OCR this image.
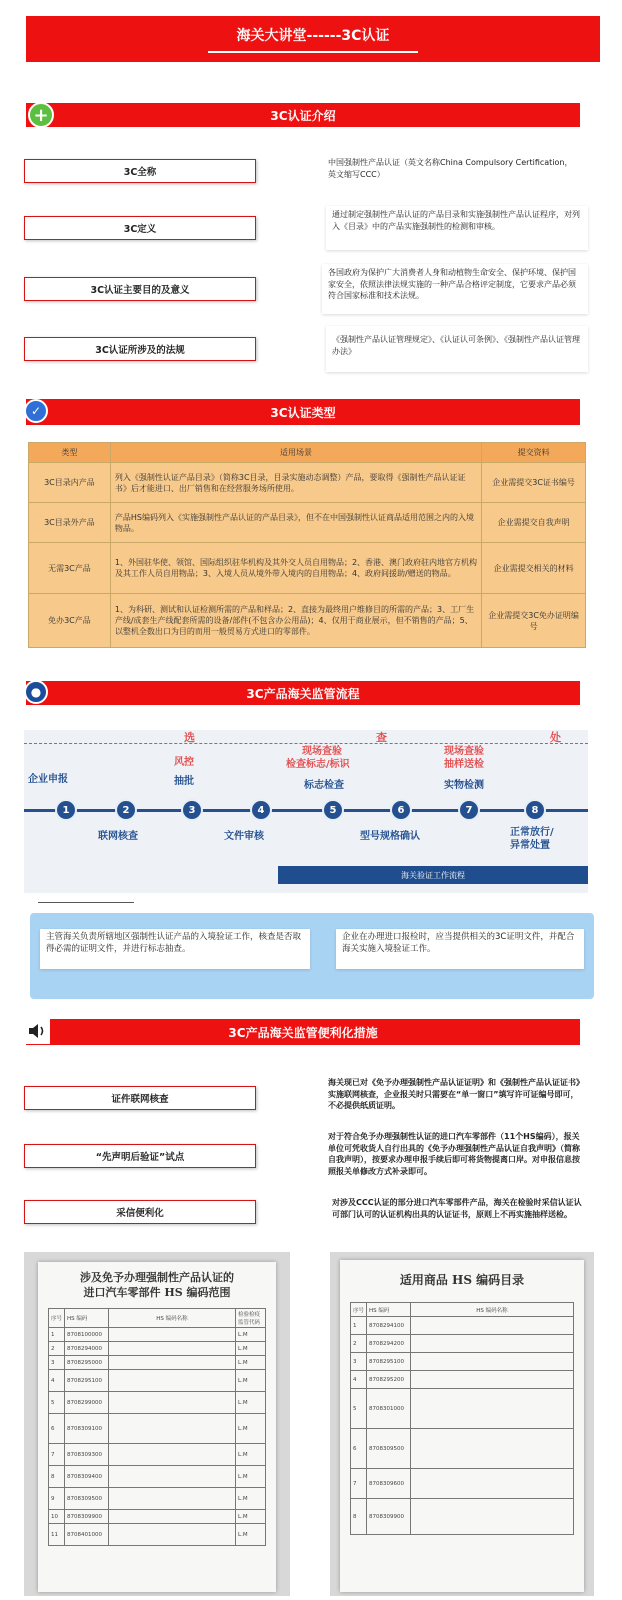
海关大讲堂------3C认证
3C认证介绍
+
3C全称
中国强制性产品认证（英文名称China Compulsory Certification，英文缩写CCC）
3C定义
通过制定强制性产品认证的产品目录和实施强制性产品认证程序，对列入《目录》中的产品实施强制性的检测和审核。
3C认证主要目的及意义
各国政府为保护广大消费者人身和动植物生命安全、保护环境、保护国家安全，依照法律法规实施的一种产品合格评定制度，它要求产品必须符合国家标准和技术法规。
3C认证所涉及的法规
《强制性产品认证管理规定》、《认证认可条例》、《强制性产品认证管理办法》
3C认证类型
✓
类型	适用场景	提交资料
3C目录内产品	列入《强制性认证产品目录》（简称3C目录，目录实施动态调整）产品，要取得《强制性产品认证证书》后才能进口、出厂销售和在经营服务场所使用。	企业需提交3C证书编号
3C目录外产品	产品HS编码列入《实施强制性产品认证的产品目录》，但不在中国强制性认证商品适用范围之内的入境物品。	企业需提交自我声明
无需3C产品	1、外国驻华使、领馆、国际组织驻华机构及其外交人员自用物品；2、香港、澳门政府驻内地官方机构及其工作人员自用物品；3、入境人员从境外带入境内的自用物品；4、政府间援助/赠送的物品。	企业需提交相关的材料
免办3C产品	1、为科研、测试和认证检测所需的产品和样品；2、直接为最终用户维修目的所需的产品；3、工厂生产线/成套生产线配套所需的设备/部件(不包含办公用品)；4、仅用于商业展示，但不销售的产品；5、以整机全数出口为目的而用一般贸易方式进口的零部件。	企业需提交3C免办证明编号
3C产品海关监管流程
●
选	查	处
企业申报
联网核查
风控
抽批
文件审核
现场查验
检查标志/标识
标志检查
型号规格确认
现场查验
抽样送检
实物检测
正常放行/
异常处置
1	2	3	4	5	6	7	8
海关验证工作流程
主管海关负责所辖地区强制性认证产品的入境验证工作，核查是否取得必需的证明文件，并进行标志抽查。
企业在办理进口报检时，应当提供相关的3C证明文件，并配合海关实施入境验证工作。
3C产品海关监管便利化措施
证件联网核查
海关现已对《免予办理强制性产品认证证明》和《强制性产品认证证书》实施联网核查，企业报关时只需要在“单一窗口”填写许可证编号即可，不必提供纸质证明。
“先声明后验证”试点
对于符合免予办理强制性认证的进口汽车零部件（11个HS编码），报关单位可凭收货人自行出具的《免予办理强制性产品认证自我声明》（简称自我声明），按要求办理申报手续后即可将货物提离口岸。对申报信息按照报关单修改方式补录即可。
采信便利化
对涉及CCC认证的部分进口汽车零部件产品，海关在检验时采信认证认可部门认可的认证机构出具的认证证书，原则上不再实施抽样送检。
涉及免予办理强制性产品认证的
进口汽车零部件 HS 编码范围
序号	HS 编码	HS 编码名称	检验检疫监管代码
1	8708100000		L.M
2	8708294000		L.M
3	8708295000		L.M
4	8708295100		L.M
5	8708299000		L.M
6	8708309100		L.M
7	8708309300		L.M
8	8708309400		L.M
9	8708309500		L.M
10	8708309900		L.M
11	8708401000		L.M
适用商品 HS 编码目录
序号	HS 编码	HS 编码名称
1	8708294100	
2	8708294200	
3	8708295100	
4	8708295200	
5	8708301000	
6	8708309500	
7	8708309600	
8	8708309900	
